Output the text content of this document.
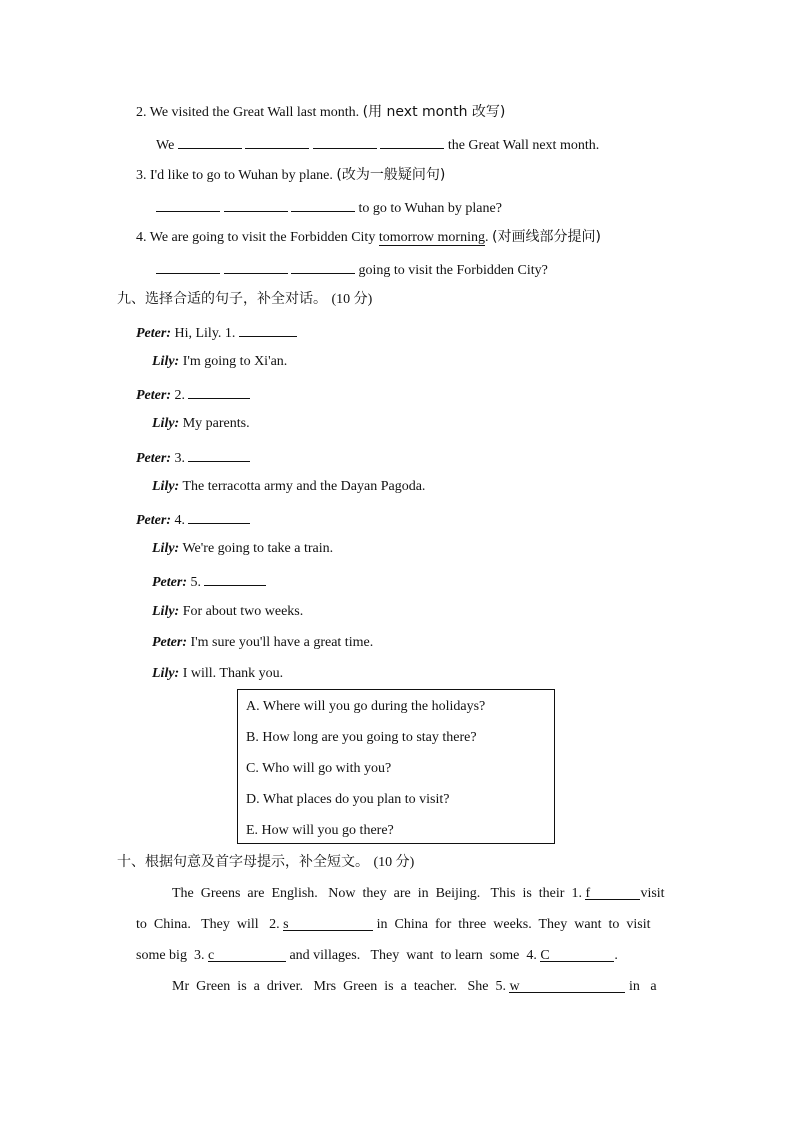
2. We visited the Great Wall last month. (用 next month 改写)
We	the Great Wall next month.
3. I'd like to go to Wuhan by plane. (改为一般疑问句)
to go to Wuhan by plane?
4. We are going to visit the Forbidden City tomorrow morning. (对画线部分提问)
going to visit the Forbidden City?
九、选择合适的句子，补全对话。 (10 分)
Peter: Hi, Lily. 1.
Lily: I'm going to Xi'an.
Peter: 2.
Lily: My parents.
Peter: 3.
Lily: The terracotta army and the Dayan Pagoda.
Peter: 4.
Lily: We're going to take a train.
Peter: 5.
Lily: For about two weeks.
Peter: I'm sure you'll have a great time.
Lily: I will. Thank you.
A. Where will you go during the holidays?
B. How long are you going to stay there?
C. Who will go with you?
D. What places do you plan to visit?
E. How will you go there?
十、根据句意及首字母提示，补全短文。 (10 分)
The  Greens  are  English.   Now  they  are  in  Beijing.   This  is  their  1. f	visit
to  China.   They  will   2. s	in  China  for  three  weeks.  They  want  to  visit
some big  3. c	and villages.   They  want  to learn  some  4. C	.
Mr  Green  is  a  driver.   Mrs  Green  is  a  teacher.   She  5. w	in   a
